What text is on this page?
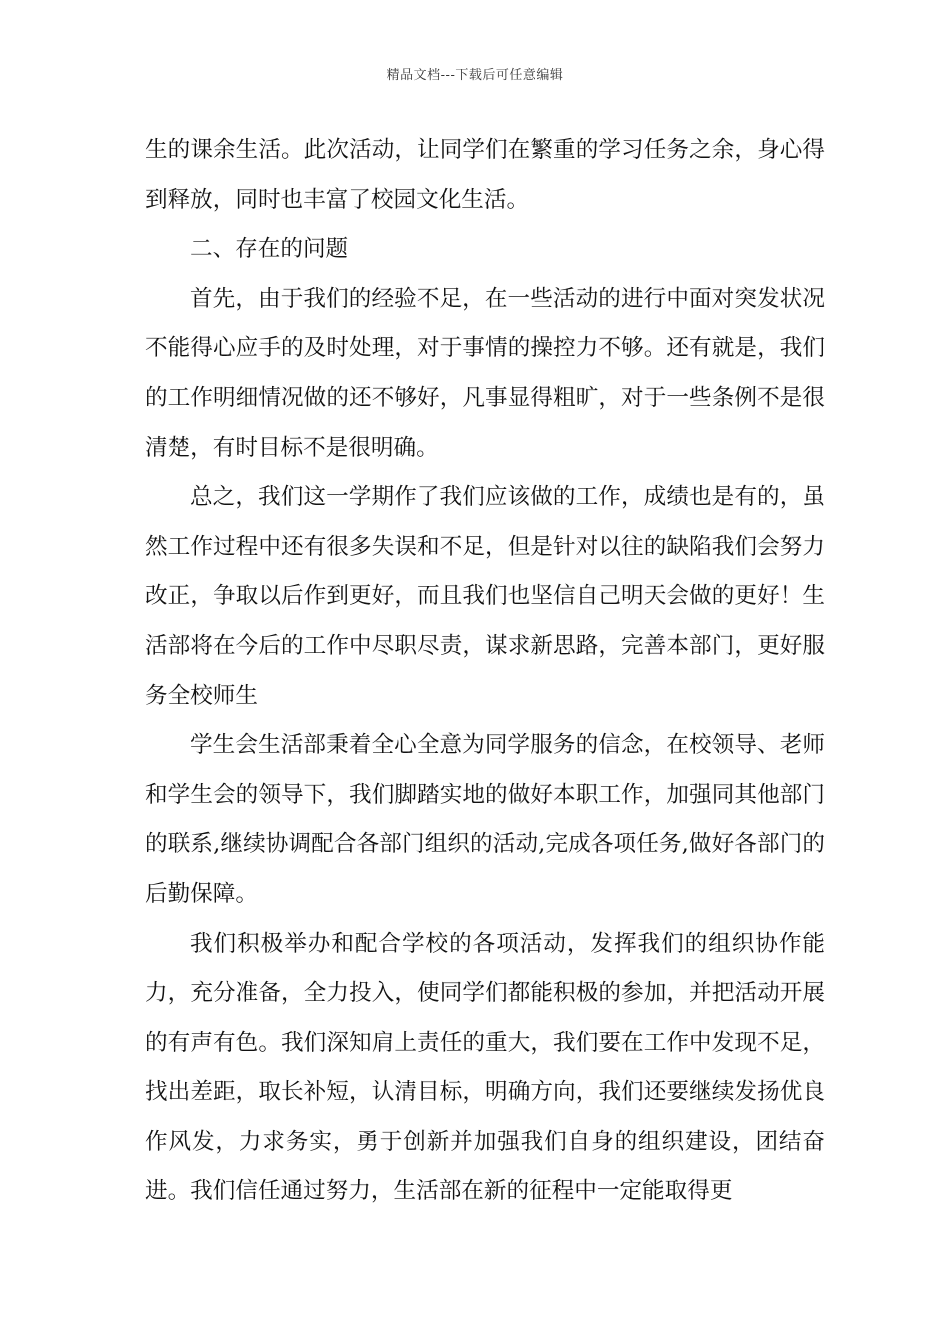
精品文档---下载后可任意编辑

生的课余生活。此次活动，让同学们在繁重的学习任务之余，身心得到释放，同时也丰富了校园文化生活。

二、存在的问题

首先，由于我们的经验不足，在一些活动的进行中面对突发状况不能得心应手的及时处理，对于事情的操控力不够。还有就是，我们的工作明细情况做的还不够好，凡事显得粗旷，对于一些条例不是很清楚，有时目标不是很明确。

总之，我们这一学期作了我们应该做的工作，成绩也是有的，虽然工作过程中还有很多失误和不足，但是针对以往的缺陷我们会努力改正，争取以后作到更好，而且我们也坚信自己明天会做的更好！生活部将在今后的工作中尽职尽责，谋求新思路，完善本部门，更好服务全校师生

学生会生活部秉着全心全意为同学服务的信念，在校领导、老师和学生会的领导下，我们脚踏实地的做好本职工作，加强同其他部门的联系,继续协调配合各部门组织的活动,完成各项任务,做好各部门的后勤保障。

我们积极举办和配合学校的各项活动，发挥我们的组织协作能力，充分准备，全力投入，使同学们都能积极的参加，并把活动开展的有声有色。我们深知肩上责任的重大，我们要在工作中发现不足，找出差距，取长补短，认清目标，明确方向，我们还要继续发扬优良作风发，力求务实，勇于创新并加强我们自身的组织建设，团结奋进。我们信任通过努力，生活部在新的征程中一定能取得更
